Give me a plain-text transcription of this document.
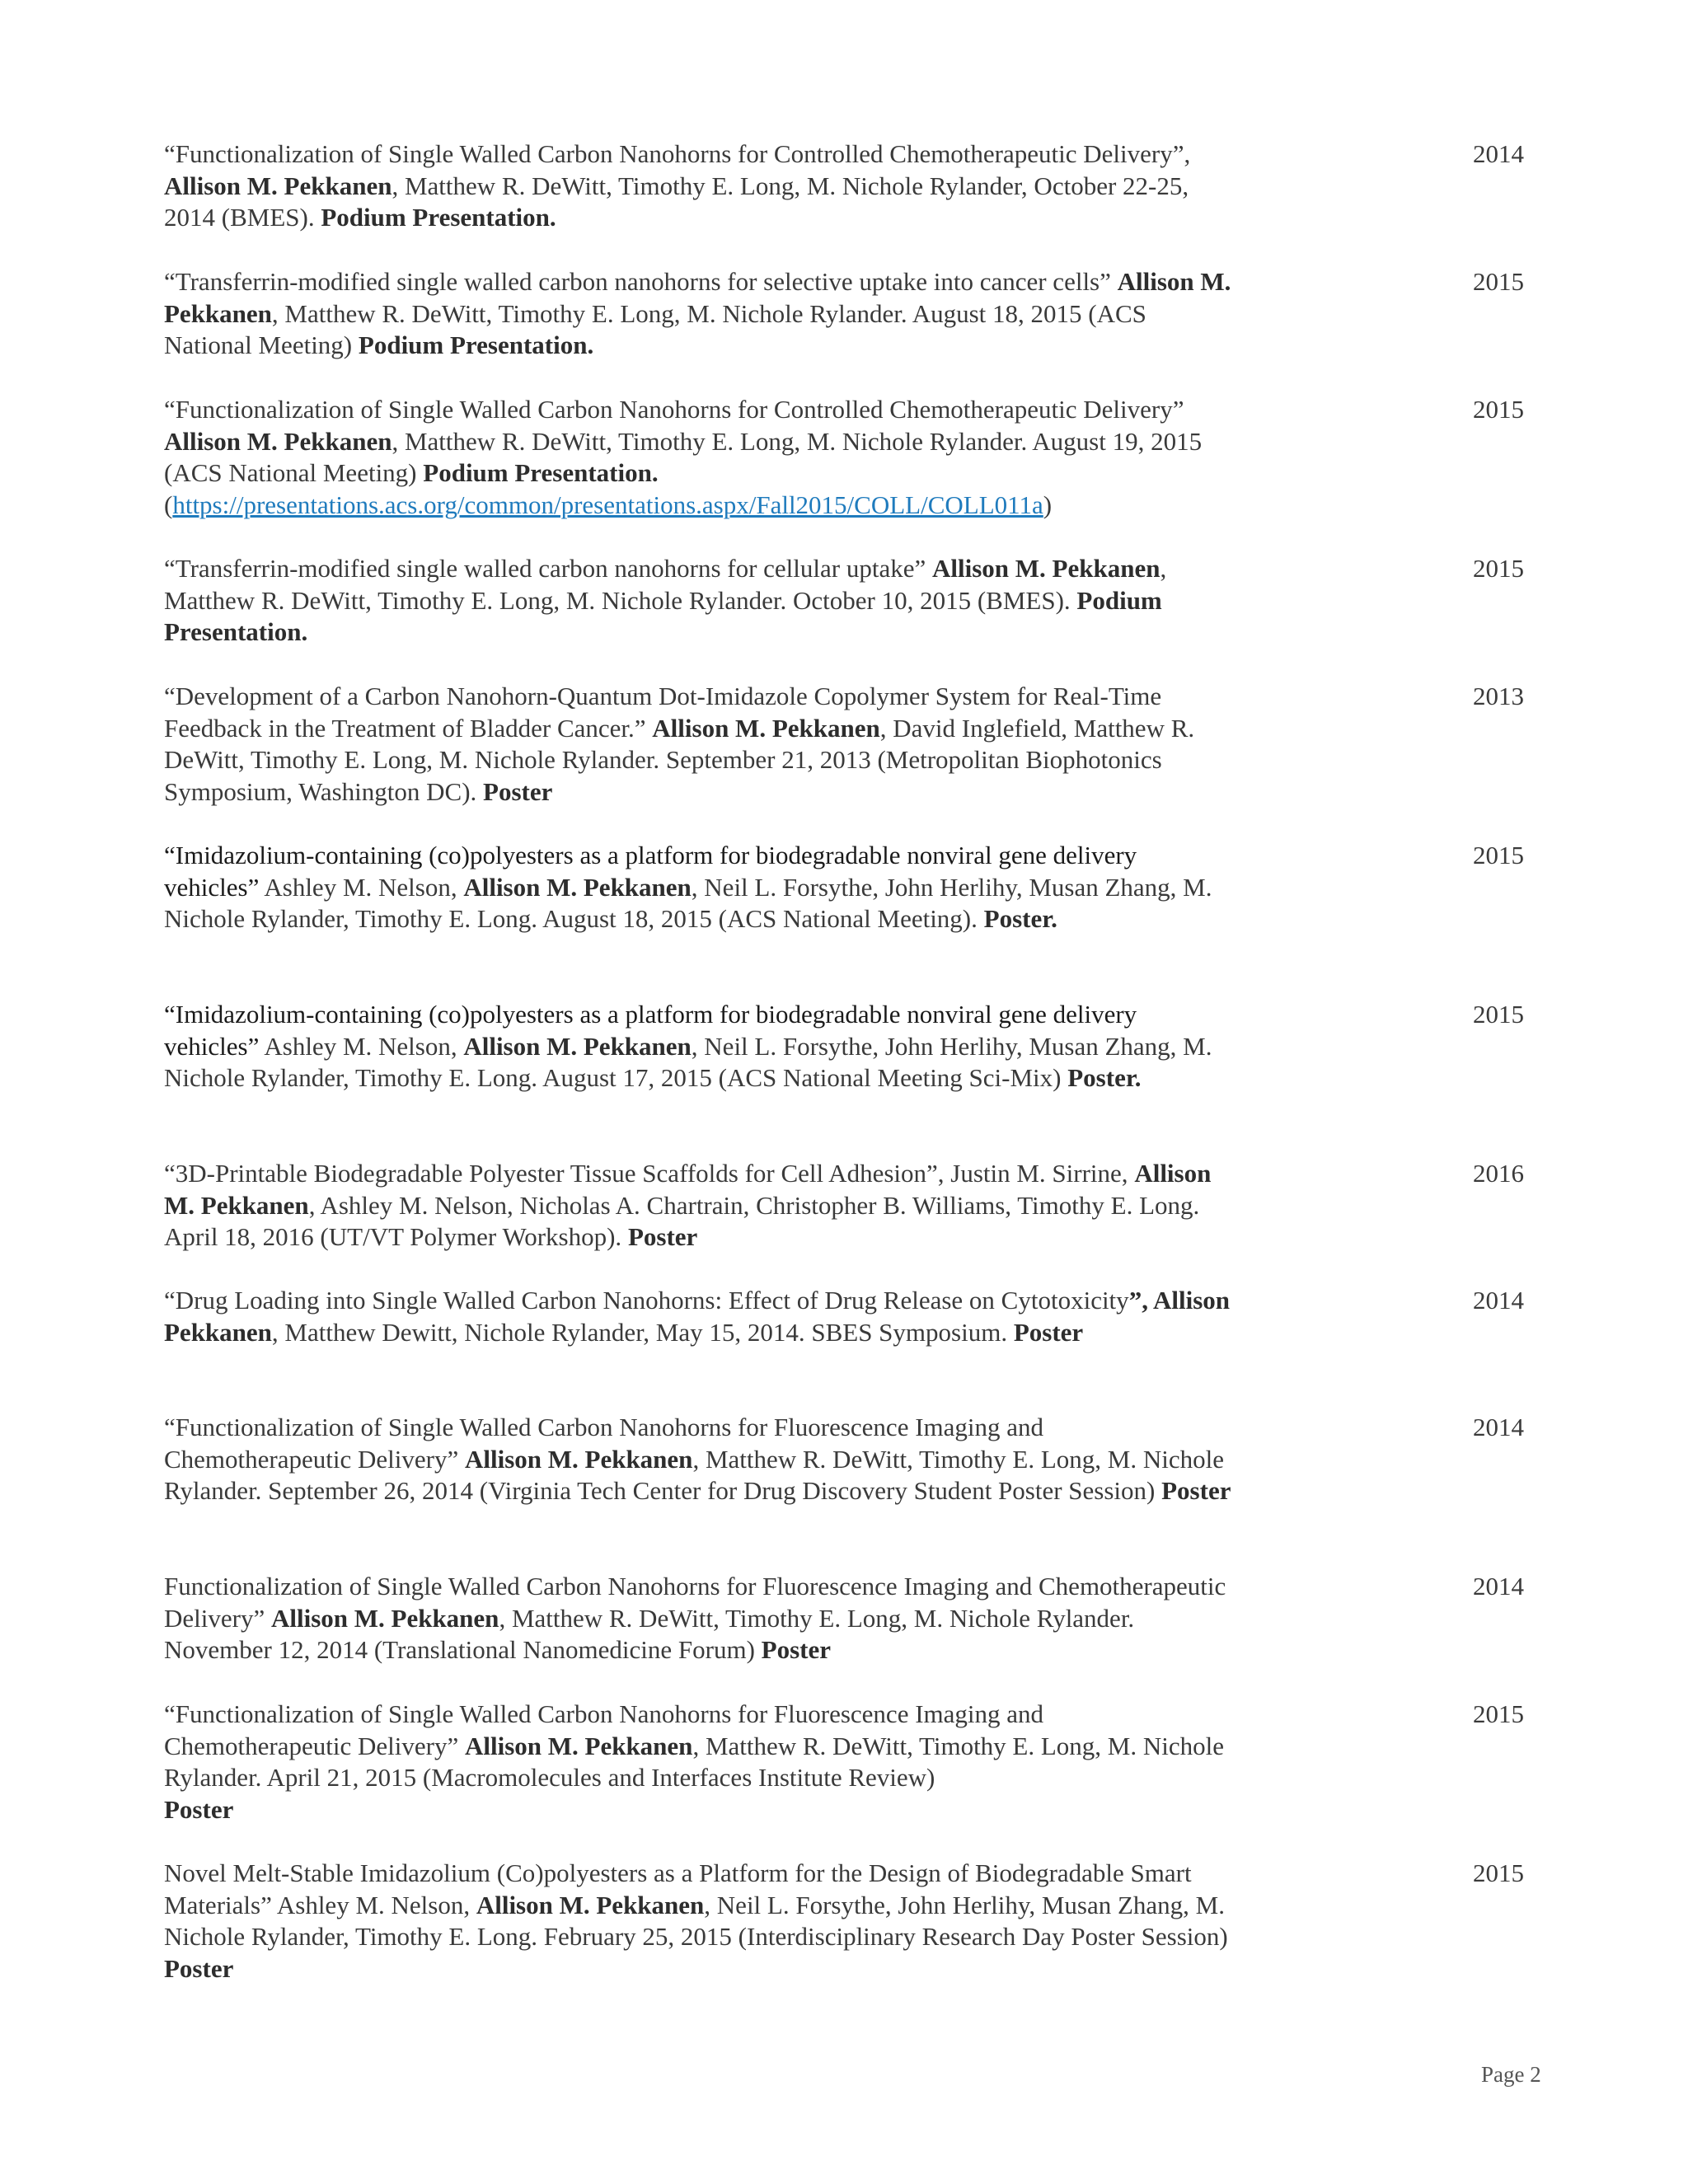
“Functionalization of Single Walled Carbon Nanohorns for Controlled Chemotherapeutic Delivery”, Allison M. Pekkanen, Matthew R. DeWitt, Timothy E. Long, M. Nichole Rylander, October 22-25, 2014 (BMES). Podium Presentation.
2014
“Transferrin-modified single walled carbon nanohorns for selective uptake into cancer cells” Allison M. Pekkanen, Matthew R. DeWitt, Timothy E. Long, M. Nichole Rylander. August 18, 2015 (ACS National Meeting) Podium Presentation.
2015
“Functionalization of Single Walled Carbon Nanohorns for Controlled Chemotherapeutic Delivery” Allison M. Pekkanen, Matthew R. DeWitt, Timothy E. Long, M. Nichole Rylander. August 19, 2015 (ACS National Meeting) Podium Presentation.
(https://presentations.acs.org/common/presentations.aspx/Fall2015/COLL/COLL011a)
2015
“Transferrin-modified single walled carbon nanohorns for cellular uptake” Allison M. Pekkanen, Matthew R. DeWitt, Timothy E. Long, M. Nichole Rylander. October 10, 2015 (BMES). Podium Presentation.
2015
“Development of a Carbon Nanohorn-Quantum Dot-Imidazole Copolymer System for Real-Time Feedback in the Treatment of Bladder Cancer.” Allison M. Pekkanen, David Inglefield, Matthew R. DeWitt, Timothy E. Long, M. Nichole Rylander. September 21, 2013 (Metropolitan Biophotonics Symposium, Washington DC). Poster
2013
“Imidazolium-containing (co)polyesters as a platform for biodegradable nonviral gene delivery vehicles” Ashley M. Nelson, Allison M. Pekkanen, Neil L. Forsythe, John Herlihy, Musan Zhang, M. Nichole Rylander, Timothy E. Long. August 18, 2015 (ACS National Meeting). Poster.
2015
“Imidazolium-containing (co)polyesters as a platform for biodegradable nonviral gene delivery vehicles” Ashley M. Nelson, Allison M. Pekkanen, Neil L. Forsythe, John Herlihy, Musan Zhang, M. Nichole Rylander, Timothy E. Long. August 17, 2015 (ACS National Meeting Sci-Mix) Poster.
2015
“3D-Printable Biodegradable Polyester Tissue Scaffolds for Cell Adhesion”, Justin M. Sirrine, Allison M. Pekkanen, Ashley M. Nelson, Nicholas A. Chartrain, Christopher B. Williams, Timothy E. Long. April 18, 2016 (UT/VT Polymer Workshop). Poster
2016
“Drug Loading into Single Walled Carbon Nanohorns: Effect of Drug Release on Cytotoxicity”, Allison Pekkanen, Matthew Dewitt, Nichole Rylander, May 15, 2014. SBES Symposium. Poster
2014
“Functionalization of Single Walled Carbon Nanohorns for Fluorescence Imaging and Chemotherapeutic Delivery” Allison M. Pekkanen, Matthew R. DeWitt, Timothy E. Long, M. Nichole Rylander. September 26, 2014 (Virginia Tech Center for Drug Discovery Student Poster Session) Poster
2014
Functionalization of Single Walled Carbon Nanohorns for Fluorescence Imaging and Chemotherapeutic Delivery” Allison M. Pekkanen, Matthew R. DeWitt, Timothy E. Long, M. Nichole Rylander. November 12, 2014 (Translational Nanomedicine Forum) Poster
2014
“Functionalization of Single Walled Carbon Nanohorns for Fluorescence Imaging and Chemotherapeutic Delivery” Allison M. Pekkanen, Matthew R. DeWitt, Timothy E. Long, M. Nichole Rylander. April 21, 2015 (Macromolecules and Interfaces Institute Review)
Poster
2015
Novel Melt-Stable Imidazolium (Co)polyesters as a Platform for the Design of Biodegradable Smart Materials” Ashley M. Nelson, Allison M. Pekkanen, Neil L. Forsythe, John Herlihy, Musan Zhang, M. Nichole Rylander, Timothy E. Long. February 25, 2015 (Interdisciplinary Research Day Poster Session) Poster
2015
Page 2
